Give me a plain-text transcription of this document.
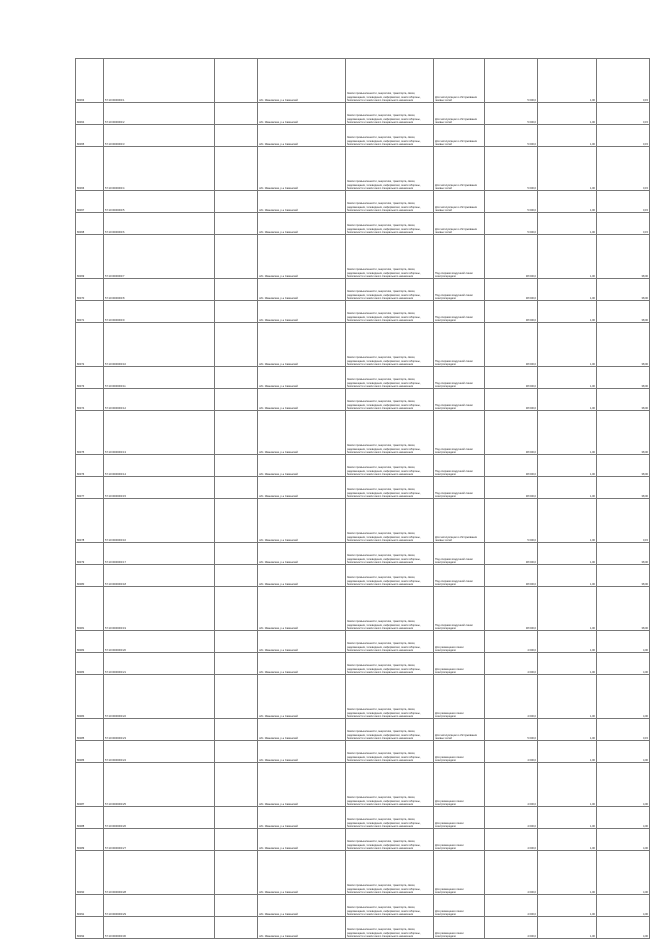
80363	57:10:0000000:1		обл. Ивановская, р-н Савинский	Земли промышленности, энергетики, транспорта, связи, радиовещания, телевидения, информатики, земли обороны, безопасности и земли иного специального назначения	Для эксплуатации и обслуживания газовых сетей	5 000,0	1,00	0,15
80364	57:10:0000000:2		обл. Ивановская, р-н Савинский	Земли промышленности, энергетики, транспорта, связи, радиовещания, телевидения, информатики, земли обороны, безопасности и земли иного специального назначения	Для эксплуатации и обслуживания газовых сетей	5 000,0	1,00	0,15
80365	57:10:0000000:3		обл. Ивановская, р-н Савинский	Земли промышленности, энергетики, транспорта, связи, радиовещания, телевидения, информатики, земли обороны, безопасности и земли иного специального назначения	Для эксплуатации и обслуживания газовых сетей	5 000,0	1,00	0,15
80366	57:10:0000000:4		обл. Ивановская, р-н Савинский	Земли промышленности, энергетики, транспорта, связи, радиовещания, телевидения, информатики, земли обороны, безопасности и земли иного специального назначения	Для эксплуатации и обслуживания газовых сетей	5 000,0	1,00	0,15
80367	57:10:0000000:5		обл. Ивановская, р-н Савинский	Земли промышленности, энергетики, транспорта, связи, радиовещания, телевидения, информатики, земли обороны, безопасности и земли иного специального назначения	Для эксплуатации и обслуживания газовых сетей	5 000,0	1,00	0,15
80368	57:10:0000000:6		обл. Ивановская, р-н Савинский	Земли промышленности, энергетики, транспорта, связи, радиовещания, телевидения, информатики, земли обороны, безопасности и земли иного специального назначения	Для эксплуатации и обслуживания газовых сетей	5 000,0	1,00	0,15
80369	57:10:0000000:7		обл. Ивановская, р-н Савинский	Земли промышленности, энергетики, транспорта, связи, радиовещания, телевидения, информатики, земли обороны, безопасности и земли иного специального назначения	Под опорами воздушной линии электропередачи	38 000,0	1,00	38,00
80370	57:10:0000000:8		обл. Ивановская, р-н Савинский	Земли промышленности, энергетики, транспорта, связи, радиовещания, телевидения, информатики, земли обороны, безопасности и земли иного специального назначения	Под опорами воздушной линии электропередачи	38 000,0	1,00	38,00
80371	57:10:0000000:9		обл. Ивановская, р-н Савинский	Земли промышленности, энергетики, транспорта, связи, радиовещания, телевидения, информатики, земли обороны, безопасности и земли иного специального назначения	Под опорами воздушной линии электропередачи	38 000,0	1,00	38,00
80372	57:10:0000000:10		обл. Ивановская, р-н Савинский	Земли промышленности, энергетики, транспорта, связи, радиовещания, телевидения, информатики, земли обороны, безопасности и земли иного специального назначения	Под опорами воздушной линии электропередачи	38 000,0	1,00	38,00
80373	57:10:0000000:11		обл. Ивановская, р-н Савинский	Земли промышленности, энергетики, транспорта, связи, радиовещания, телевидения, информатики, земли обороны, безопасности и земли иного специального назначения	Под опорами воздушной линии электропередачи	38 000,0	1,00	38,00
80374	57:10:0000000:12		обл. Ивановская, р-н Савинский	Земли промышленности, энергетики, транспорта, связи, радиовещания, телевидения, информатики, земли обороны, безопасности и земли иного специального назначения	Под опорами воздушной линии электропередачи	38 000,0	1,00	38,00
80375	57:10:0000000:13		обл. Ивановская, р-н Савинский	Земли промышленности, энергетики, транспорта, связи, радиовещания, телевидения, информатики, земли обороны, безопасности и земли иного специального назначения	Под опорами воздушной линии электропередачи	38 000,0	1,00	38,00
80376	57:10:0000000:14		обл. Ивановская, р-н Савинский	Земли промышленности, энергетики, транспорта, связи, радиовещания, телевидения, информатики, земли обороны, безопасности и земли иного специального назначения	Под опорами воздушной линии электропередачи	38 000,0	1,00	38,00
80377	57:10:0000000:15		обл. Ивановская, р-н Савинский	Земли промышленности, энергетики, транспорта, связи, радиовещания, телевидения, информатики, земли обороны, безопасности и земли иного специального назначения	Под опорами воздушной линии электропередачи	38 000,0	1,00	38,00
80378	57:10:0000000:16		обл. Ивановская, р-н Савинский	Земли промышленности, энергетики, транспорта, связи, радиовещания, телевидения, информатики, земли обороны, безопасности и земли иного специального назначения	Для эксплуатации и обслуживания газовых сетей	5 000,0	1,00	0,15
80379	57:10:0000000:17		обл. Ивановская, р-н Савинский	Земли промышленности, энергетики, транспорта, связи, радиовещания, телевидения, информатики, земли обороны, безопасности и земли иного специального назначения	Под опорами воздушной линии электропередачи	38 000,0	1,00	38,00
80380	57:10:0000000:18		обл. Ивановская, р-н Савинский	Земли промышленности, энергетики, транспорта, связи, радиовещания, телевидения, информатики, земли обороны, безопасности и земли иного специального назначения	Под опорами воздушной линии электропередачи	38 000,0	1,00	38,00
80381	57:10:0000000:19		обл. Ивановская, р-н Савинский	Земли промышленности, энергетики, транспорта, связи, радиовещания, телевидения, информатики, земли обороны, безопасности и земли иного специального назначения	Под опорами воздушной линии электропередачи	38 000,0	1,00	38,00
80382	57:10:0000000:20		обл. Ивановская, р-н Савинский	Земли промышленности, энергетики, транспорта, связи, радиовещания, телевидения, информатики, земли обороны, безопасности и земли иного специального назначения	Для размещения линии электропередачи	4 000,0	1,00	4,00
80383	57:10:0000000:21		обл. Ивановская, р-н Савинский	Земли промышленности, энергетики, транспорта, связи, радиовещания, телевидения, информатики, земли обороны, безопасности и земли иного специального назначения	Для размещения линии электропередачи	4 000,0	1,00	4,00
80384	57:10:0000000:22		обл. Ивановская, р-н Савинский	Земли промышленности, энергетики, транспорта, связи, радиовещания, телевидения, информатики, земли обороны, безопасности и земли иного специального назначения	Для размещения линии электропередачи	4 000,0	1,00	4,00
80385	57:10:0000000:23		обл. Ивановская, р-н Савинский	Земли промышленности, энергетики, транспорта, связи, радиовещания, телевидения, информатики, земли обороны, безопасности и земли иного специального назначения	Для эксплуатации и обслуживания газовых сетей	5 000,0	1,00	0,15
80386	57:10:0000000:24		обл. Ивановская, р-н Савинский	Земли промышленности, энергетики, транспорта, связи, радиовещания, телевидения, информатики, земли обороны, безопасности и земли иного специального назначения	Для размещения линии электропередачи	4 000,0	1,00	4,00
80387	57:10:0000000:25		обл. Ивановская, р-н Савинский	Земли промышленности, энергетики, транспорта, связи, радиовещания, телевидения, информатики, земли обороны, безопасности и земли иного специального назначения	Для размещения линии электропередачи	4 000,0	1,00	4,00
80388	57:10:0000000:26		обл. Ивановская, р-н Савинский	Земли промышленности, энергетики, транспорта, связи, радиовещания, телевидения, информатики, земли обороны, безопасности и земли иного специального назначения	Для размещения линии электропередачи	4 000,0	1,00	4,00
80389	57:10:0000000:27		обл. Ивановская, р-н Савинский	Земли промышленности, энергетики, транспорта, связи, радиовещания, телевидения, информатики, земли обороны, безопасности и земли иного специального назначения	Для размещения линии электропередачи	4 000,0	1,00	4,00
80390	57:10:0000000:28		обл. Ивановская, р-н Савинский	Земли промышленности, энергетики, транспорта, связи, радиовещания, телевидения, информатики, земли обороны, безопасности и земли иного специального назначения	Для размещения линии электропередачи	4 000,0	1,00	4,00
80391	57:10:0000000:29		обл. Ивановская, р-н Савинский	Земли промышленности, энергетики, транспорта, связи, радиовещания, телевидения, информатики, земли обороны, безопасности и земли иного специального назначения	Для размещения линии электропередачи	4 000,0	1,00	4,00
80392	57:10:0000000:30		обл. Ивановская, р-н Савинский	Земли промышленности, энергетики, транспорта, связи, радиовещания, телевидения, информатики, земли обороны, безопасности и земли иного специального назначения	Для размещения линии электропередачи	4 000,0	1,00	4,00
